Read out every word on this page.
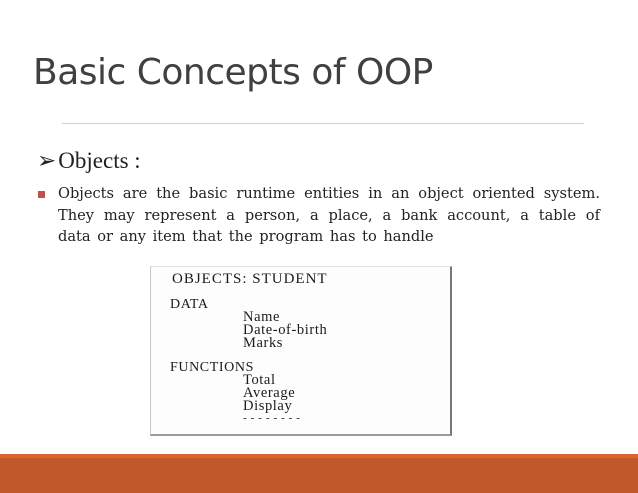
Basic Concepts of OOP
➢Objects :
Objects are the basic runtime entities in an object oriented system. They may represent a person, a place, a bank account, a table of data or any item that the program has to handle
OBJECTS: STUDENT
DATA
Name
Date-of-birth
Marks
FUNCTIONS
Total
Average
Display
- - - - - - - -
